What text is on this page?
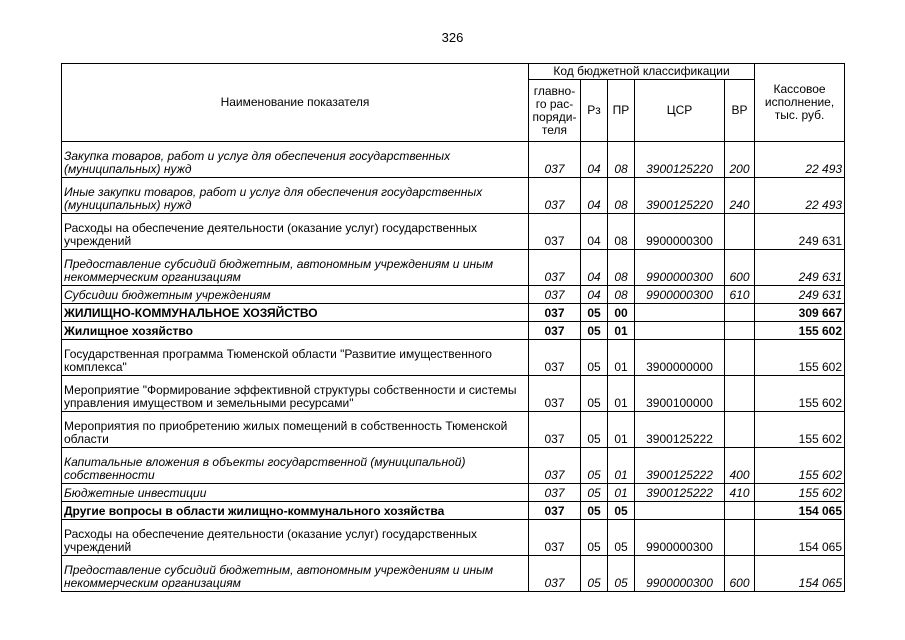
326
Наименование показателя	Код бюджетной классификации					Кассовое исполнение, тыс. руб.
	главно-го рас-поряди-теля	Рз	ПР	ЦСР	ВР	
Закупка товаров, работ и услуг для обеспечения государственных (муниципальных) нужд	037	04	08	3900125220	200	22 493
Иные закупки товаров, работ и услуг для обеспечения государственных (муниципальных) нужд	037	04	08	3900125220	240	22 493
Расходы на обеспечение деятельности (оказание услуг) государственных учреждений	037	04	08	9900000300		249 631
Предоставление субсидий бюджетным, автономным учреждениям и иным некоммерческим организациям	037	04	08	9900000300	600	249 631
Субсидии бюджетным учреждениям	037	04	08	9900000300	610	249 631
ЖИЛИЩНО-КОММУНАЛЬНОЕ ХОЗЯЙСТВО	037	05	00			309 667
Жилищное хозяйство	037	05	01			155 602
Государственная программа Тюменской области "Развитие имущественного комплекса"	037	05	01	3900000000		155 602
Мероприятие "Формирование эффективной структуры собственности и системы управления имуществом и земельными ресурсами"	037	05	01	3900100000		155 602
Мероприятия по приобретению жилых помещений в собственность Тюменской области	037	05	01	3900125222		155 602
Капитальные вложения в объекты государственной (муниципальной) собственности	037	05	01	3900125222	400	155 602
Бюджетные инвестиции	037	05	01	3900125222	410	155 602
Другие вопросы в области жилищно-коммунального хозяйства	037	05	05			154 065
Расходы на обеспечение деятельности (оказание услуг) государственных учреждений	037	05	05	9900000300		154 065
Предоставление субсидий бюджетным, автономным учреждениям и иным некоммерческим организациям	037	05	05	9900000300	600	154 065
